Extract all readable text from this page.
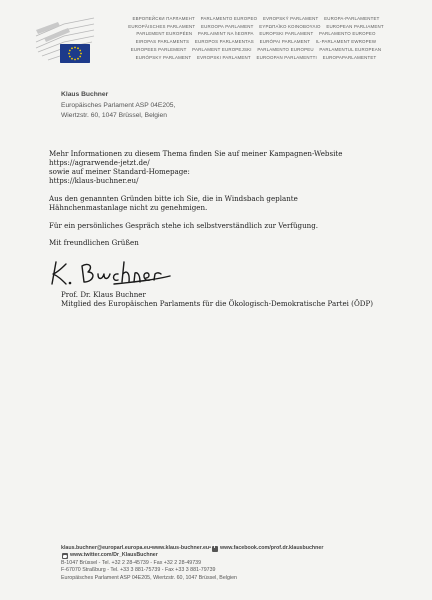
ЕВРОПЕЙСКИ ПАРЛАМЕНТ PARLAMENTO EUROPEO EVROPSKÝ PARLAMENT EUROPA-PARLAMENTET
EUROPÄISCHES PARLAMENT EUROOPA PARLAMENT ΕΥΡΩΠΑΪΚΟ ΚΟΙΝΟΒΟΥΛΙΟ EUROPEAN PARLIAMENT
PARLEMENT EUROPÉEN PARLAIMINT NA hEORPA EUROPSKI PARLAMENT PARLAMENTO EUROPEO
EIROPAS PARLAMENTS EUROPOS PARLAMENTAS EURÓPAI PARLAMENT IL-PARLAMENT EWROPEW
EUROPEES PARLEMENT PARLAMENT EUROPEJSKI PARLAMENTO EUROPEU PARLAMENTUL EUROPEAN
EURÓPSKY PARLAMENT EVROPSKI PARLAMENT EUROOPAN PARLAMENTTI EUROPAPARLAMENTET
Klaus Buchner
Europäisches Parlament ASP 04E205,
Wiertzstr. 60, 1047 Brüssel, Belgien

Mehr Informationen zu diesem Thema finden Sie auf meiner Kampagnen-Website
https://agrarwende-jetzt.de/
sowie auf meiner Standard-Homepage:
https://klaus-buchner.eu/

Aus den genannten Gründen bitte ich Sie, die in Windsbach geplante
Hähnchenmastanlage nicht zu genehmigen.

Für ein persönliches Gespräch stehe ich selbstverständlich zur Verfügung.

Mit freundlichen Grüßen

Prof. Dr. Klaus Buchner
Mitglied des Europäischen Parlaments für die Ökologisch-Demokratische Partei (ÖDP)
klaus.buchner@europarl.europa.eu • www.klaus-buchner.eu •
f www.facebook.com/prof.dr.klausbuchner
www.twitter.com/Dr_KlausBuchner
B-1047 Brüssel - Tel. +32 2 28-45739 - Fax +32 2 28-49739
F-67070 Straßburg - Tel. +33 3 881-75739 - Fax +33 3 881-79739
Europäisches Parlament ASP 04E205, Wiertzstr. 60, 1047 Brüssel, Belgien
